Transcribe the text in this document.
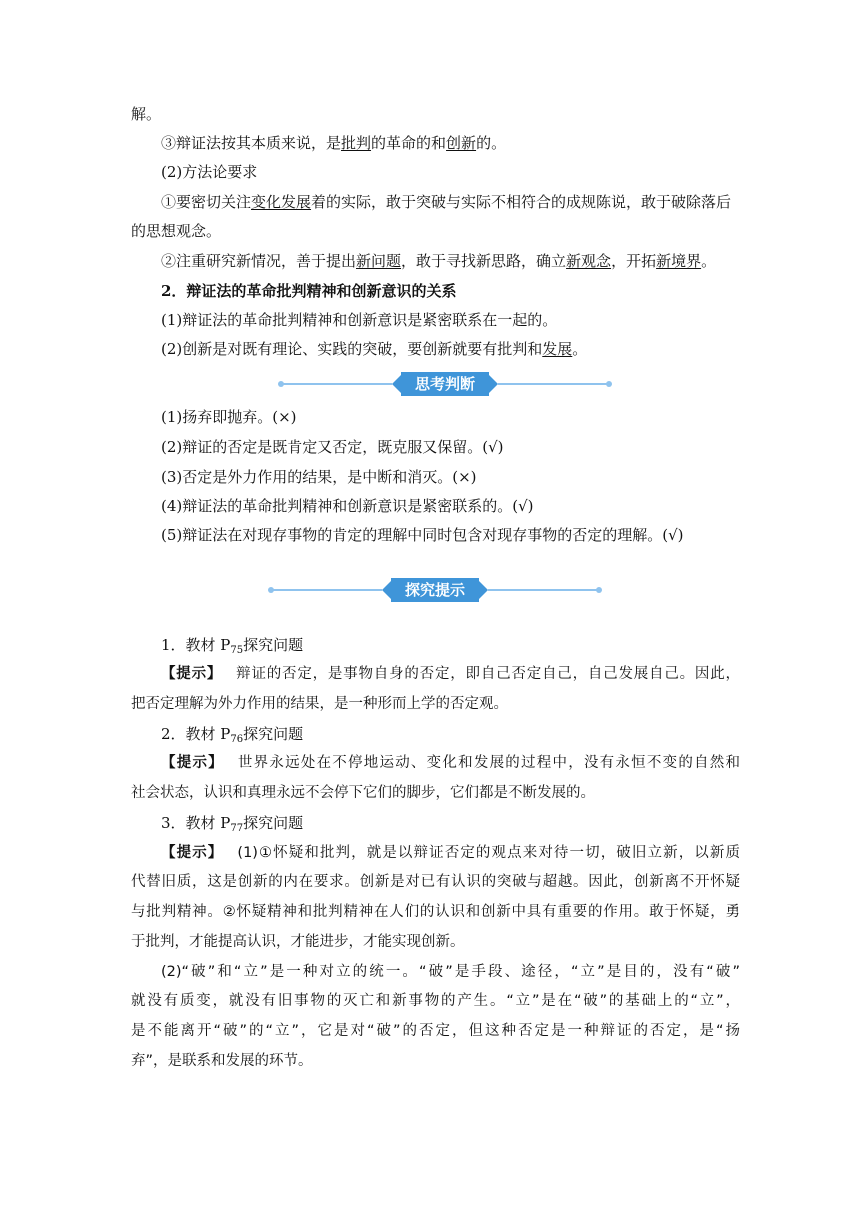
解。
③辩证法按其本质来说，是批判的革命的和创新的。
(2)方法论要求
①要密切关注变化发展着的实际，敢于突破与实际不相符合的成规陈说，敢于破除落后
的思想观念。
②注重研究新情况，善于提出新问题，敢于寻找新思路，确立新观念，开拓新境界。
2．辩证法的革命批判精神和创新意识的关系
(1)辩证法的革命批判精神和创新意识是紧密联系在一起的。
(2)创新是对既有理论、实践的突破，要创新就要有批判和发展。
思考判断
(1)扬弃即抛弃。(×)
(2)辩证的否定是既肯定又否定，既克服又保留。(√)
(3)否定是外力作用的结果，是中断和消灭。(×)
(4)辩证法的革命批判精神和创新意识是紧密联系的。(√)
(5)辩证法在对现存事物的肯定的理解中同时包含对现存事物的否定的理解。(√)
探究提示
1．教材 $P_{75}$探究问题
【提示】 辩证的否定，是事物自身的否定，即自己否定自己，自己发展自己。因此，
把否定理解为外力作用的结果，是一种形而上学的否定观。
2．教材 $P_{76}$探究问题
【提示】 世界永远处在不停地运动、变化和发展的过程中，没有永恒不变的自然和
社会状态，认识和真理永远不会停下它们的脚步，它们都是不断发展的。
3．教材 $P_{77}$探究问题
【提示】 (1)①怀疑和批判，就是以辩证否定的观点来对待一切，破旧立新，以新质
代替旧质，这是创新的内在要求。创新是对已有认识的突破与超越。因此，创新离不开怀疑
与批判精神。②怀疑精神和批判精神在人们的认识和创新中具有重要的作用。敢于怀疑，勇
于批判，才能提高认识，才能进步，才能实现创新。
(2)“破”和“立”是一种对立的统一。“破”是手段、途径，“立”是目的，没有“破”
就没有质变，就没有旧事物的灭亡和新事物的产生。“立”是在“破”的基础上的“立”，
是不能离开“破”的“立”，它是对“破”的否定，但这种否定是一种辩证的否定，是“扬
弃”，是联系和发展的环节。
